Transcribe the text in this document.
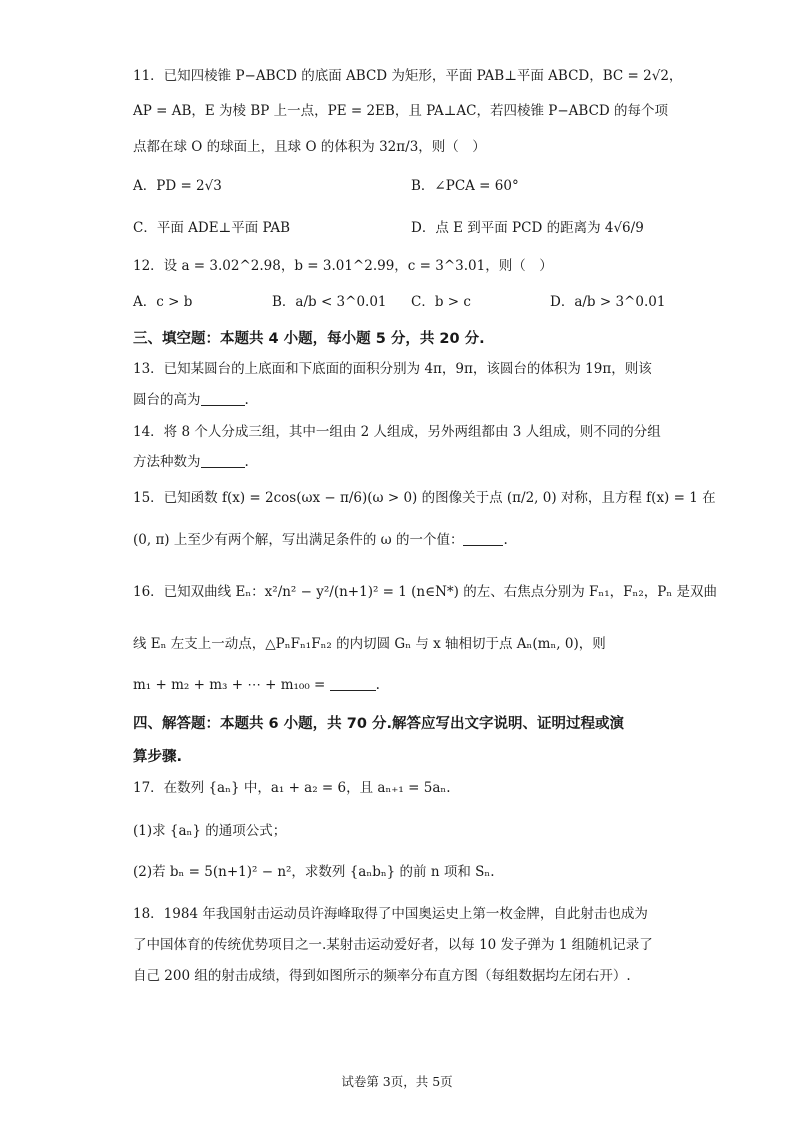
11．已知四棱锥 P−ABCD 的底面 ABCD 为矩形，平面 PAB⊥平面 ABCD，BC = 2√2，
AP = AB，E 为棱 BP 上一点，PE = 2EB，且 PA⊥AC，若四棱锥 P−ABCD 的每个项
点都在球 O 的球面上，且球 O 的体积为 32π/3，则（　）
A．PD = 2√3	B．∠PCA = 60°
C．平面 ADE⊥平面 PAB	D．点 E 到平面 PCD 的距离为 4√6/9
12．设 a = 3.02^2.98，b = 3.01^2.99，c = 3^3.01，则（　）
A．c > b	B．a/b < 3^0.01 C．b > c	D．a/b > 3^0.01
三、填空题：本题共 4 小题，每小题 5 分，共 20 分.
13．已知某圆台的上底面和下底面的面积分别为 4π，9π，该圆台的体积为 19π，则该
圆台的高为	.
14．将 8 个人分成三组，其中一组由 2 人组成，另外两组都由 3 人组成，则不同的分组
方法种数为	.
15．已知函数 f(x) = 2cos(ωx − π/6)(ω > 0) 的图像关于点 (π/2, 0) 对称，且方程 f(x) = 1 在
(0, π) 上至少有两个解，写出满足条件的 ω 的一个值：	.
16．已知双曲线 Eₙ：x²/n² − y²/(n+1)² = 1 (n∈N*) 的左、右焦点分别为 Fₙ₁，Fₙ₂，Pₙ 是双曲
线 Eₙ 左支上一动点，△PₙFₙ₁Fₙ₂ 的内切圆 Gₙ 与 x 轴相切于点 Aₙ(mₙ, 0)，则
m₁ + m₂ + m₃ + ⋯ + m₁₀₀ =	.
四、解答题：本题共 6 小题，共 70 分.解答应写出文字说明、证明过程或演
算步骤.
17．在数列 {aₙ} 中，a₁ + a₂ = 6，且 aₙ₊₁ = 5aₙ.
(1)求 {aₙ} 的通项公式；
(2)若 bₙ = 5(n+1)² − n²，求数列 {aₙbₙ} 的前 n 项和 Sₙ.
18．1984 年我国射击运动员许海峰取得了中国奥运史上第一枚金牌，自此射击也成为
了中国体育的传统优势项目之一.某射击运动爱好者，以每 10 发子弹为 1 组随机记录了
自己 200 组的射击成绩，得到如图所示的频率分布直方图（每组数据均左闭右开）.
试卷第 3页，共 5页
